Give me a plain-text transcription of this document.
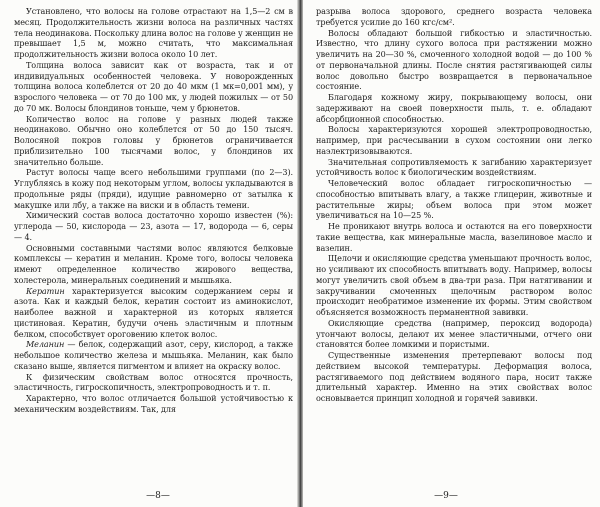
Установлено, что волосы на голове отрастают на 1,5—2 см в месяц. Продолжительность жизни волоса на различных частях тела неодинакова. Поскольку длина волос на голове у женщин не превышает 1,5 м, можно считать, что максимальная продолжительность жизни волоса около 10 лет.

Толщина волоса зависит как от возраста, так и от индивидуальных особенностей человека. У новорожденных толщина волоса колеблется от 20 до 40 мкм (1 мк=0,001 мм), у взрослого человека — от 70 до 100 мк, у людей пожилых — от 50 до 70 мк. Волосы блондинов тоньше, чем у брюнетов.

Количество волос на голове у разных людей также неодинаково. Обычно оно колеблется от 50 до 150 тысяч. Волосяной покров головы у брюнетов ограничивается приблизительно 100 тысячами волос, у блондинов их значительно больше.

Растут волосы чаще всего небольшими группами (по 2—3). Углубляясь в кожу под некоторым углом, волосы укладываются в продольные ряды (пряди), идущие равномерно от затылка к макушке или лбу, а также на виски и в область темени.

Химический состав волоса достаточно хорошо известен (%): углерода — 50, кислорода — 23, азота — 17, водорода — 6, серы — 4.

Основными составными частями волос являются белковые комплексы — кератин и меланин. Кроме того, волосы человека имеют определенное количество жирового вещества, холестерола, минеральных соединений и мышьяка.

Кератин характеризуется высоким содержанием серы и азота. Как и каждый белок, кератин состоит из аминокислот, наиболее важной и характерной из которых является цистиновая. Кератин, будучи очень эластичным и плотным белком, способствует ороговению клеток волос.

Меланин — белок, содержащий азот, серу, кислород, а также небольшое количество железа и мышьяка. Меланин, как было сказано выше, является пигментом и влияет на окраску волос.

К физическим свойствам волос относятся прочность, эластичность, гигроскопичность, электропроводность и т. п.

Характерно, что волос отличается большой устойчивостью к механическим воздействиям. Так, для

—8—

разрыва волоса здорового, среднего возраста человека требуется усилие до 160 кгс/см².

Волосы обладают большой гибкостью и эластичностью. Известно, что длину сухого волоса при растяжении можно увеличить на 20—30 %, смоченного холодной водой — до 100 % от первоначальной длины. После снятия растягивающей силы волос довольно быстро возвращается в первоначальное состояние.

Благодаря кожному жиру, покрывающему волосы, они задерживают на своей поверхности пыль, т. е. обладают абсорбционной способностью.

Волосы характеризуются хорошей электропроводностью, например, при расчесывании в сухом состоянии они легко наэлектризовываются.

Значительная сопротивляемость к загибанию характеризует устойчивость волос к биологическим воздействиям.

Человеческий волос обладает гигроскопичностью — способностью впитывать влагу, а также глицерин, животные и растительные жиры; объем волоса при этом может увеличиваться на 10—25 %.

Не проникают внутрь волоса и остаются на его поверхности такие вещества, как минеральные масла, вазелиновое масло и вазелин.

Щелочи и окисляющие средства уменьшают прочность волос, но усиливают их способность впитывать воду. Например, волосы могут увеличить свой объем в два-три раза. При натягивании и закручивании смоченных щелочным раствором волос происходит необратимое изменение их формы. Этим свойством объясняется возможность перманентной завивки.

Окисляющие средства (например, пероксид водорода) утончают волосы, делают их менее эластичными, отчего они становятся более ломкими и пористыми.

Существенные изменения претерпевают волосы под действием высокой температуры. Деформация волоса, растягиваемого под действием водяного пара, носит также длительный характер. Именно на этих свойствах волос основывается принцип холодной и горячей завивки.

—9—
